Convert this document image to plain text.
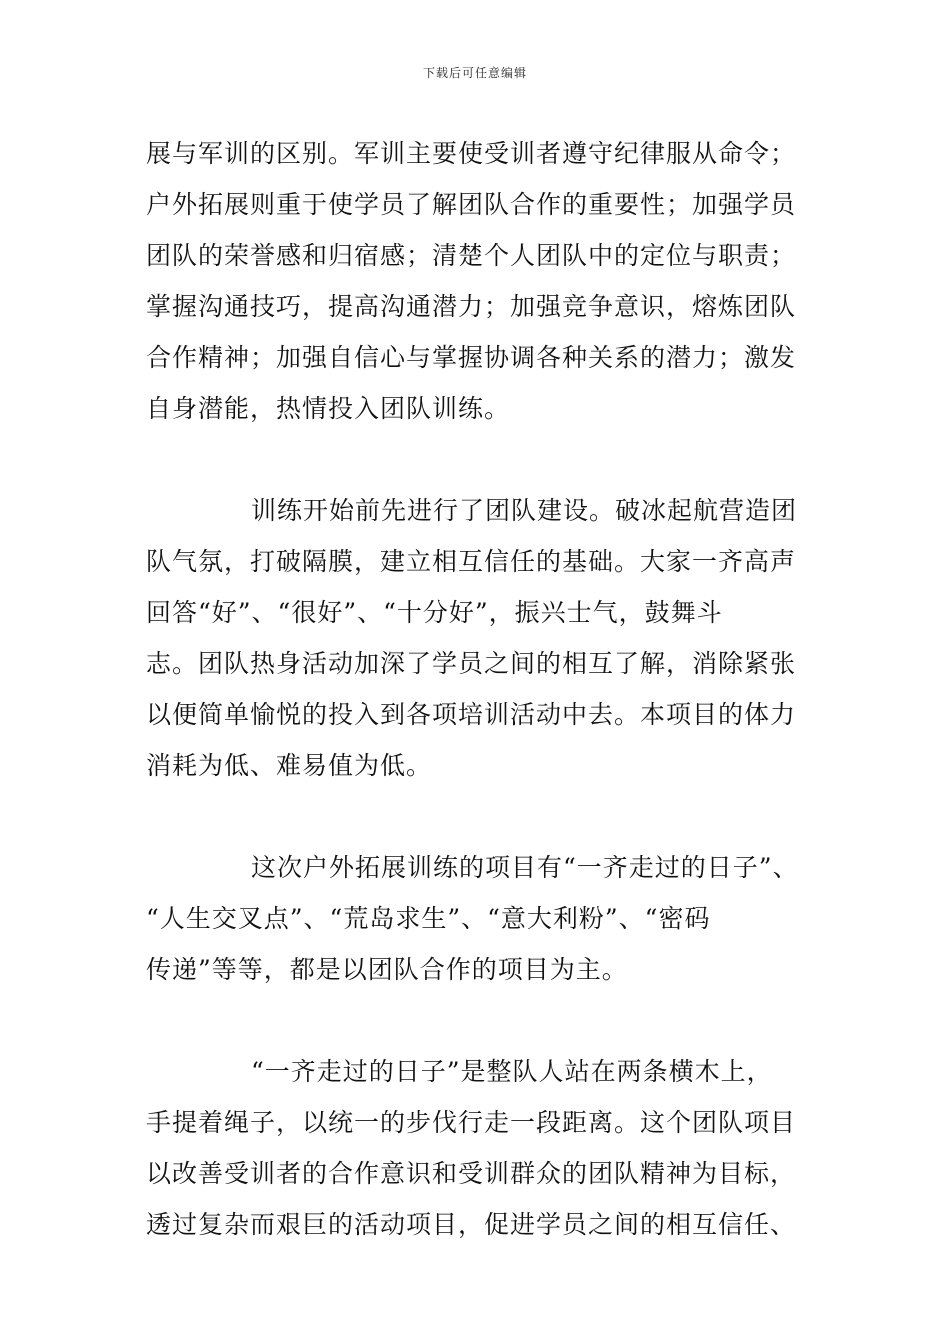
下载后可任意编辑
展与军训的区别。军训主要使受训者遵守纪律服从命令；
户外拓展则重于使学员了解团队合作的重要性；加强学员
团队的荣誉感和归宿感；清楚个人团队中的定位与职责；
掌握沟通技巧，提高沟通潜力；加强竞争意识，熔炼团队
合作精神；加强自信心与掌握协调各种关系的潜力；激发
自身潜能，热情投入团队训练。
训练开始前先进行了团队建设。破冰起航营造团
队气氛，打破隔膜，建立相互信任的基础。大家一齐高声
回答“好”、“很好”、“十分好”，振兴士气，鼓舞斗
志。团队热身活动加深了学员之间的相互了解，消除紧张
以便简单愉悦的投入到各项培训活动中去。本项目的体力
消耗为低、难易值为低。
这次户外拓展训练的项目有“一齐走过的日子”、
“人生交叉点”、“荒岛求生”、“意大利粉”、“密码
传递”等等，都是以团队合作的项目为主。
“一齐走过的日子”是整队人站在两条横木上，
手提着绳子，以统一的步伐行走一段距离。这个团队项目
以改善受训者的合作意识和受训群众的团队精神为目标，
透过复杂而艰巨的活动项目，促进学员之间的相互信任、
